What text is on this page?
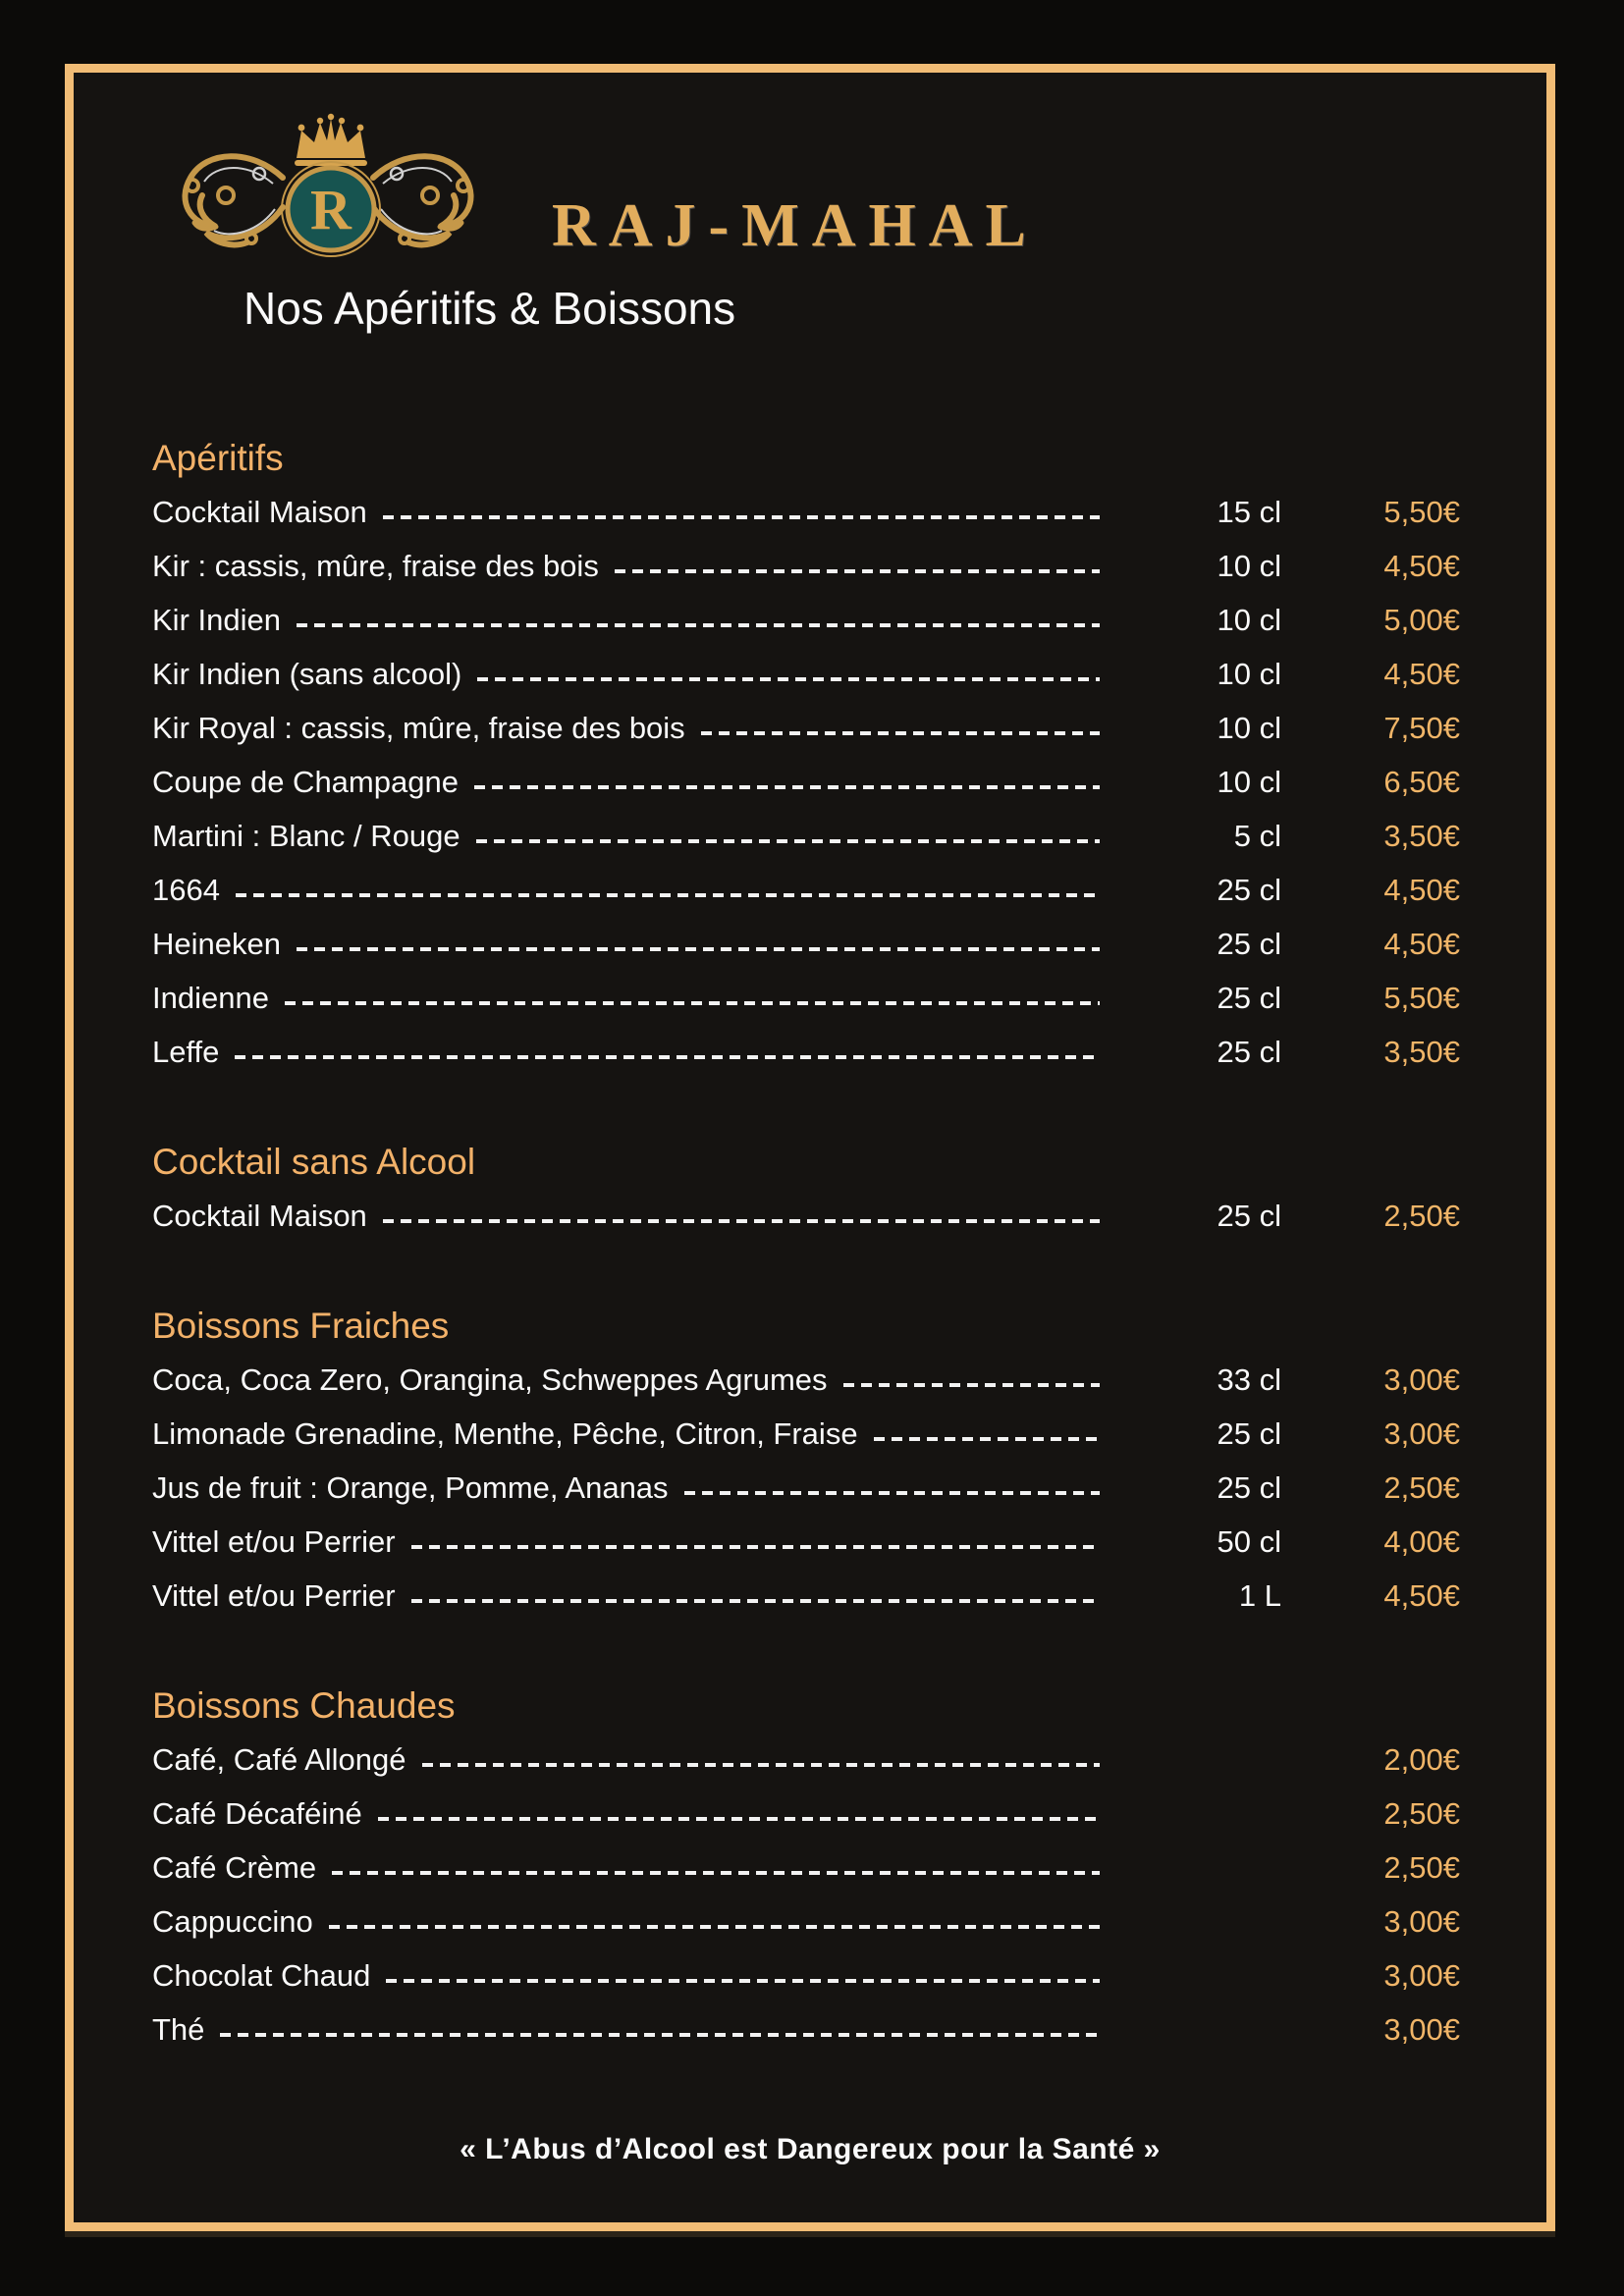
R	RAJ-MAHAL
Nos Apéritifs & Boissons
Apéritifs
Cocktail Maison	15 cl	5,50€
Kir : cassis, mûre, fraise des bois	10 cl	4,50€
Kir Indien	10 cl	5,00€
Kir Indien (sans alcool)	10 cl	4,50€
Kir Royal : cassis, mûre, fraise des bois	10 cl	7,50€
Coupe de Champagne	10 cl	6,50€
Martini : Blanc / Rouge	5 cl	3,50€
1664	25 cl	4,50€
Heineken	25 cl	4,50€
Indienne	25 cl	5,50€
Leffe	25 cl	3,50€
Cocktail sans Alcool
Cocktail Maison	25 cl	2,50€
Boissons Fraiches
Coca, Coca Zero, Orangina, Schweppes Agrumes	33 cl	3,00€
Limonade Grenadine, Menthe, Pêche, Citron, Fraise	25 cl	3,00€
Jus de fruit : Orange, Pomme, Ananas	25 cl	2,50€
Vittel et/ou Perrier	50 cl	4,00€
Vittel et/ou Perrier	1 L	4,50€
Boissons Chaudes
Café, Café Allongé	2,00€
Café Décaféiné	2,50€
Café Crème	2,50€
Cappuccino	3,00€
Chocolat Chaud	3,00€
Thé	3,00€
« L’Abus d’Alcool est Dangereux pour la Santé »
